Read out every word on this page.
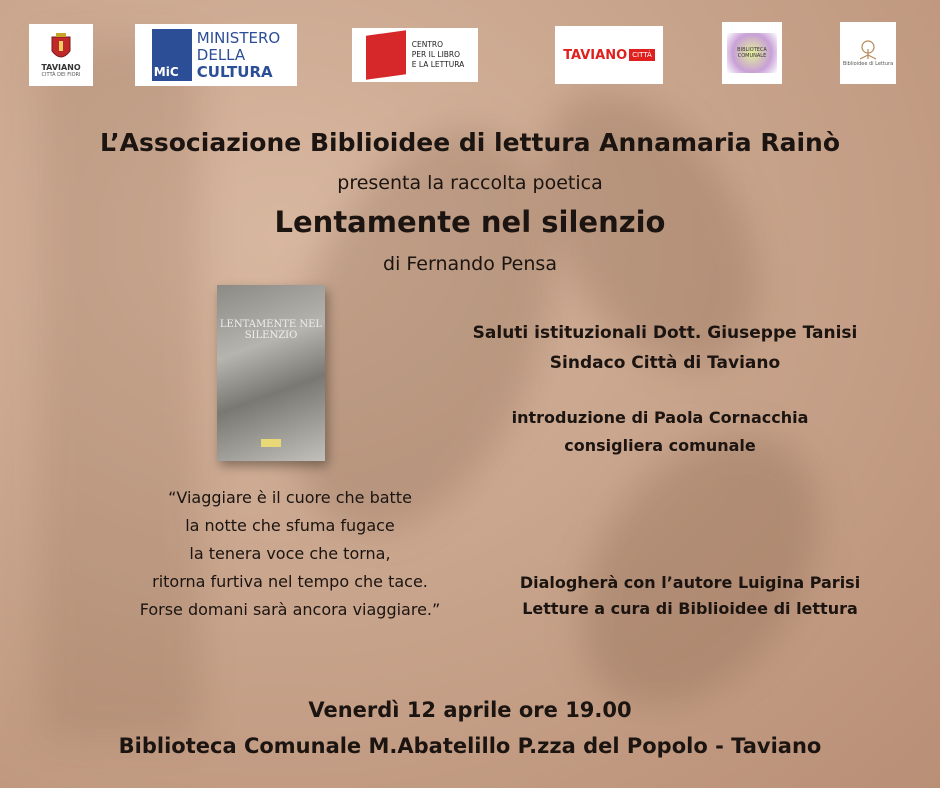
TAVIANO
CITTÀ DEI FIORI	MiC
MINISTERO
DELLA
CULTURA
CENTRO
PER IL LIBRO
E LA LETTURA
TAVIANO CITTÀ
BIBLIOTECA COMUNALE
Biblioidee di Lettura
L’Associazione Biblioidee di lettura Annamaria Rainò
presenta la raccolta poetica
Lentamente nel silenzio
di Fernando Pensa
LENTAMENTE NEL SILENZIO	Saluti istituzionali Dott. Giuseppe Tanisi
Sindaco Città di Taviano
introduzione di Paola Cornacchia
consigliera comunale
“Viaggiare è il cuore che batte
la notte che sfuma fugace
la tenera voce che torna,
ritorna furtiva nel tempo che tace.
Forse domani sarà ancora viaggiare.”
Dialogherà con l’autore Luigina Parisi
Letture a cura di Biblioidee di lettura
Venerdì 12 aprile ore 19.00
Biblioteca Comunale M.Abatelillo P.zza del Popolo - Taviano
